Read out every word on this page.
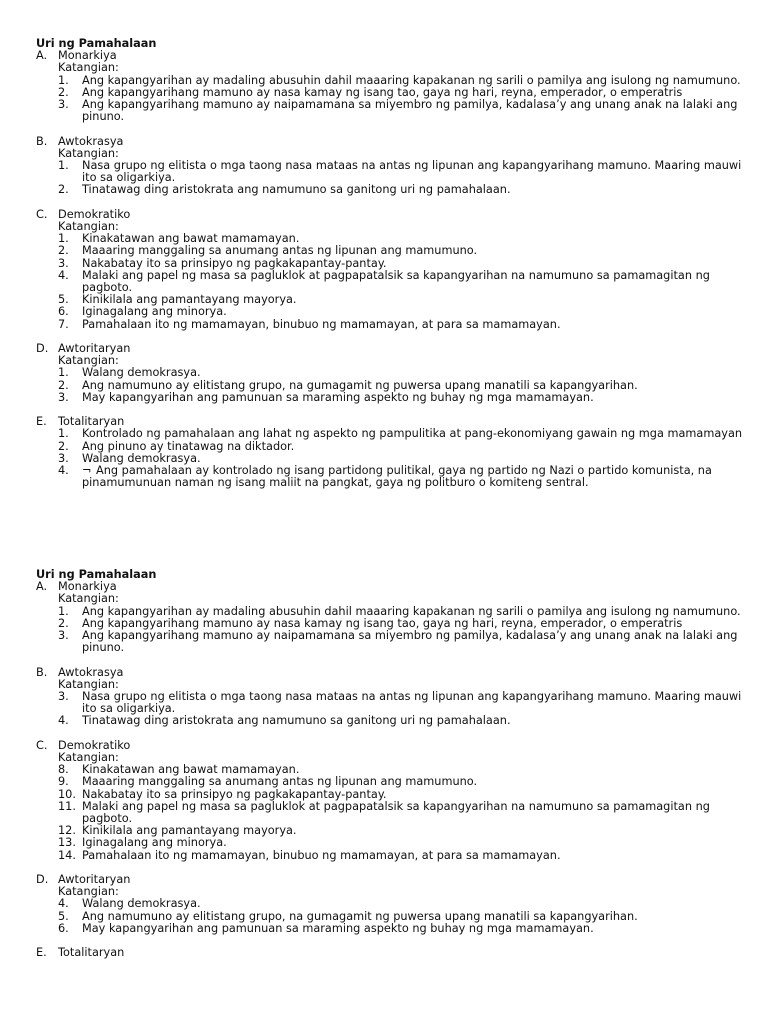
Uri ng Pamahalaan
A. Monarkiya
Katangian:
1.	Ang kapangyarihan ay madaling abusuhin dahil maaaring kapakanan ng sarili o pamilya ang isulong ng namumuno.
2.	Ang kapangyarihang mamuno ay nasa kamay ng isang tao, gaya ng hari, reyna, emperador, o emperatris
3.	Ang kapangyarihang mamuno ay naipamamana sa miyembro ng pamilya, kadalasa’y ang unang anak na lalaki ang pinuno.
B. Awtokrasya
Katangian:
1.	Nasa grupo ng elitista o mga taong nasa mataas na antas ng lipunan ang kapangyarihang mamuno. Maaring mauwi ito sa oligarkiya.
2.	Tinatawag ding aristokrata ang namumuno sa ganitong uri ng pamahalaan.
C. Demokratiko
Katangian:
1.	Kinakatawan ang bawat mamamayan.
2.	Maaaring manggaling sa anumang antas ng lipunan ang mamumuno.
3.	Nakabatay ito sa prinsipyo ng pagkakapantay-pantay.
4.	Malaki ang papel ng masa sa pagluklok at pagpapatalsik sa kapangyarihan na namumuno sa pamamagitan ng pagboto.
5.	Kinikilala ang pamantayang mayorya.
6.	Iginagalang ang minorya.
7.	Pamahalaan ito ng mamamayan, binubuo ng mamamayan, at para sa mamamayan.
D. Awtoritaryan
Katangian:
1.	Walang demokrasya.
2.	Ang namumuno ay elitistang grupo, na gumagamit ng puwersa upang manatili sa kapangyarihan.
3.	May kapangyarihan ang pamunuan sa maraming aspekto ng buhay ng mga mamamayan.
E. Totalitaryan
1.	Kontrolado ng pamahalaan ang lahat ng aspekto ng pampulitika at pang-ekonomiyang gawain ng mga mamamayan
2.	Ang pinuno ay tinatawag na diktador.
3.	Walang demokrasya.
4.	¬ Ang pamahalaan ay kontrolado ng isang partidong pulitikal, gaya ng partido ng Nazi o partido komunista, na pinamumunuan naman ng isang maliit na pangkat, gaya ng politburo o komiteng sentral.
Uri ng Pamahalaan
A. Monarkiya
Katangian:
1.	Ang kapangyarihan ay madaling abusuhin dahil maaaring kapakanan ng sarili o pamilya ang isulong ng namumuno.
2.	Ang kapangyarihang mamuno ay nasa kamay ng isang tao, gaya ng hari, reyna, emperador, o emperatris
3.	Ang kapangyarihang mamuno ay naipamamana sa miyembro ng pamilya, kadalasa’y ang unang anak na lalaki ang pinuno.
B. Awtokrasya
Katangian:
3.	Nasa grupo ng elitista o mga taong nasa mataas na antas ng lipunan ang kapangyarihang mamuno. Maaring mauwi ito sa oligarkiya.
4.	Tinatawag ding aristokrata ang namumuno sa ganitong uri ng pamahalaan.
C. Demokratiko
Katangian:
8.	Kinakatawan ang bawat mamamayan.
9.	Maaaring manggaling sa anumang antas ng lipunan ang mamumuno.
10. Nakabatay ito sa prinsipyo ng pagkakapantay-pantay.
11. Malaki ang papel ng masa sa pagluklok at pagpapatalsik sa kapangyarihan na namumuno sa pamamagitan ng pagboto.
12. Kinikilala ang pamantayang mayorya.
13. Iginagalang ang minorya.
14. Pamahalaan ito ng mamamayan, binubuo ng mamamayan, at para sa mamamayan.
D. Awtoritaryan
Katangian:
4.	Walang demokrasya.
5.	Ang namumuno ay elitistang grupo, na gumagamit ng puwersa upang manatili sa kapangyarihan.
6.	May kapangyarihan ang pamunuan sa maraming aspekto ng buhay ng mga mamamayan.
E. Totalitaryan
